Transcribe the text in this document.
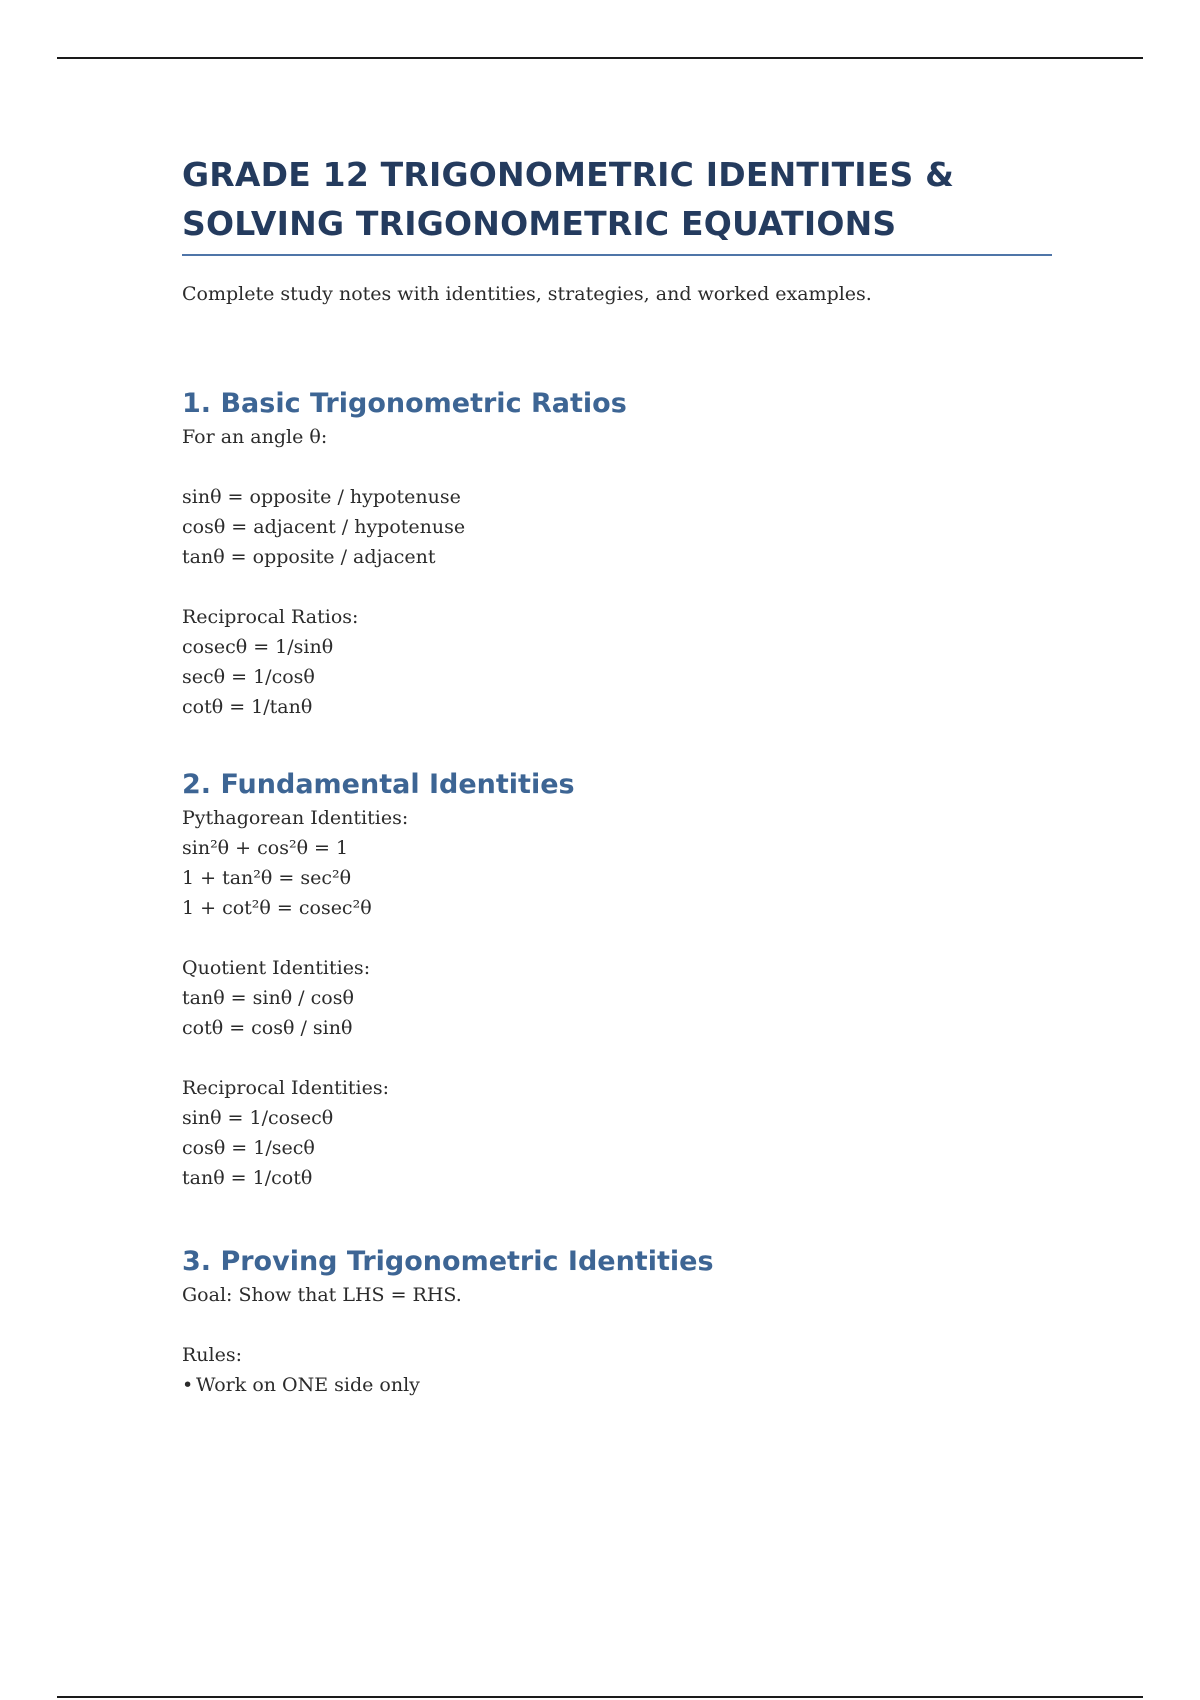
GRADE 12 TRIGONOMETRIC IDENTITIES &
SOLVING TRIGONOMETRIC EQUATIONS

Complete study notes with identities, strategies, and worked examples.

1. Basic Trigonometric Ratios

For an angle θ:

sinθ = opposite / hypotenuse

cosθ = adjacent / hypotenuse

tanθ = opposite / adjacent

Reciprocal Ratios:

cosecθ = 1/sinθ

secθ = 1/cosθ

cotθ = 1/tanθ

2. Fundamental Identities

Pythagorean Identities:

sin²θ + cos²θ = 1

1 + tan²θ = sec²θ

1 + cot²θ = cosec²θ

Quotient Identities:

tanθ = sinθ / cosθ

cotθ = cosθ / sinθ

Reciprocal Identities:

sinθ = 1/cosecθ

cosθ = 1/secθ

tanθ = 1/cotθ

3. Proving Trigonometric Identities

Goal: Show that LHS = RHS.

Rules:

• Work on ONE side only
